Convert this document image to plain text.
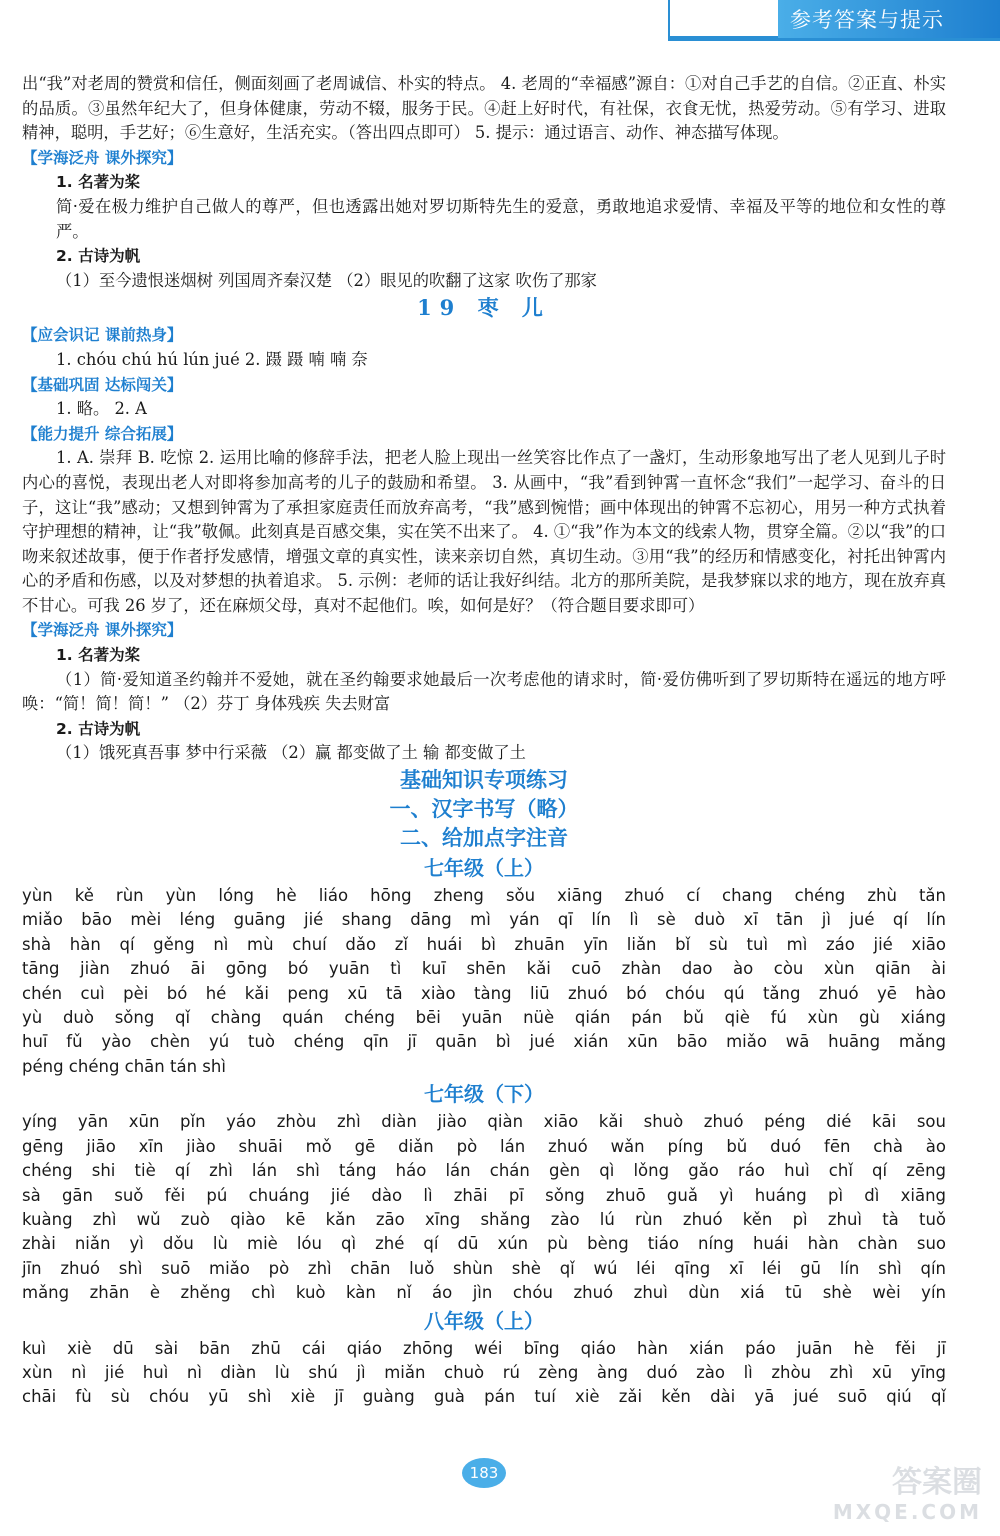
参考答案与提示

出“我”对老周的赞赏和信任，侧面刻画了老周诚信、朴实的特点。 4. 老周的“幸福感”源自：①对自己手艺的自信。②正直、朴实的品质。③虽然年纪大了，但身体健康，劳动不辍，服务于民。④赶上好时代，有社保，衣食无忧，热爱劳动。⑤有学习、进取精神，聪明，手艺好；⑥生意好，生活充实。（答出四点即可） 5. 提示：通过语言、动作、神态描写体现。

【学海泛舟 课外探究】
1. 名著为桨

简·爱在极力维护自己做人的尊严，但也透露出她对罗切斯特先生的爱意，勇敢地追求爱情、幸福及平等的地位和女性的尊严。

2. 古诗为帆

（1）至今遗恨迷烟树 列国周齐秦汉楚 （2）眼见的吹翻了这家 吹伤了那家

19 枣 儿
【应会识记 课前热身】

1. chóu chú hú lún jué 2. 蹑 蹑 喃 喃 奈

【基础巩固 达标闯关】

1. 略。 2. A

【能力提升 综合拓展】

1. A. 崇拜 B. 吃惊 2. 运用比喻的修辞手法，把老人脸上现出一丝笑容比作点了一盏灯，生动形象地写出了老人见到儿子时内心的喜悦，表现出老人对即将参加高考的儿子的鼓励和希望。 3. 从画中，“我”看到钟霄一直怀念“我们”一起学习、奋斗的日子，这让“我”感动；又想到钟霄为了承担家庭责任而放弃高考，“我”感到惋惜；画中体现出的钟霄不忘初心，用另一种方式执着守护理想的精神，让“我”敬佩。此刻真是百感交集，实在笑不出来了。 4. ①“我”作为本文的线索人物，贯穿全篇。②以“我”的口吻来叙述故事，便于作者抒发感情，增强文章的真实性，读来亲切自然，真切生动。③用“我”的经历和情感变化，衬托出钟霄内心的矛盾和伤感，以及对梦想的执着追求。 5. 示例：老师的话让我好纠结。北方的那所美院，是我梦寐以求的地方，现在放弃真不甘心。可我 26 岁了，还在麻烦父母，真对不起他们。唉，如何是好？（符合题目要求即可）

【学海泛舟 课外探究】
1. 名著为桨

（1）简·爱知道圣约翰并不爱她，就在圣约翰要求她最后一次考虑他的请求时，简·爱仿佛听到了罗切斯特在遥远的地方呼唤：“简！简！简！” （2）芬丁 身体残疾 失去财富

2. 古诗为帆

（1）饿死真吾事 梦中行采薇 （2）赢 都变做了土 输 都变做了土

基础知识专项练习
一、汉字书写（略）
二、给加点字注音
七年级（上）
yùn kě rùn yùn lóng hè liáo hōng zheng sǒu xiāng zhuó cí chang chéng zhù tǎn
miǎo bāo mèi léng guāng jié shang dāng mì yán qī lín lì sè duò xī tān jì jué qí lín
shà hàn qí gěng nì mù chuí dǎo zǐ huái bì zhuān yīn liǎn bǐ sù tuì mì záo jié xiāo
tāng jiàn zhuó āi gōng bó yuān tì kuī shēn kǎi cuō zhàn dao ào còu xùn qiān ài
chén cuì pèi bó hé kǎi peng xū tā xiào tàng liū zhuó bó chóu qú tǎng zhuó yē hào
yù duò sǒng qǐ chàng quán chéng bēi yuān nüè qián pán bǔ qiè fú xùn gù xiáng
huī fǔ yào chèn yú tuò chéng qīn jī quān bì jué xián xūn bāo miǎo wā huāng mǎng
péng chéng chān tán shì
七年级（下）
yíng yān xūn pǐn yáo zhòu zhì diàn jiào qiàn xiāo kǎi shuò zhuó péng dié kāi sou
gēng jiāo xīn jiào shuāi mǒ gē diǎn pò lán zhuó wǎn píng bǔ duó fēn chà ào
chéng shi tiè qí zhì lán shì táng háo lán chán gèn qì lǒng gǎo ráo huì chǐ qí zēng
sà gān suǒ fěi pú chuáng jié dào lì zhāi pī sǒng zhuō guǎ yì huáng pì dì xiāng
kuàng zhì wǔ zuò qiào kē kǎn zāo xīng shǎng zào lú rùn zhuó kěn pì zhuì tà tuǒ
zhài niǎn yì dǒu lù miè lóu qì zhé qí dū xún pù bèng tiáo níng huái hàn chàn suo
jīn zhuó shì suō miǎo pò zhì chān luǒ shùn shè qǐ wú léi qīng xī léi gū lín shì qín
mǎng zhān è zhěng chì kuò kàn nǐ áo jìn chóu zhuó zhuì dùn xiá tū shè wèi yín
八年级（上）
kuì xiè dū sài bān zhū cái qiáo zhōng wéi bīng qiáo hàn xián páo juān hè fěi jī
xùn nì jié huì nì diàn lù shú jì miǎn chuò rú zèng àng duó zào lì zhòu zhì xū yīng
chāi fù sù chóu yū shì xiè jī guàng guà pán tuí xiè zǎi kěn dài yā jué suō qiú qǐ
183	答案圈
MXQE.COM
